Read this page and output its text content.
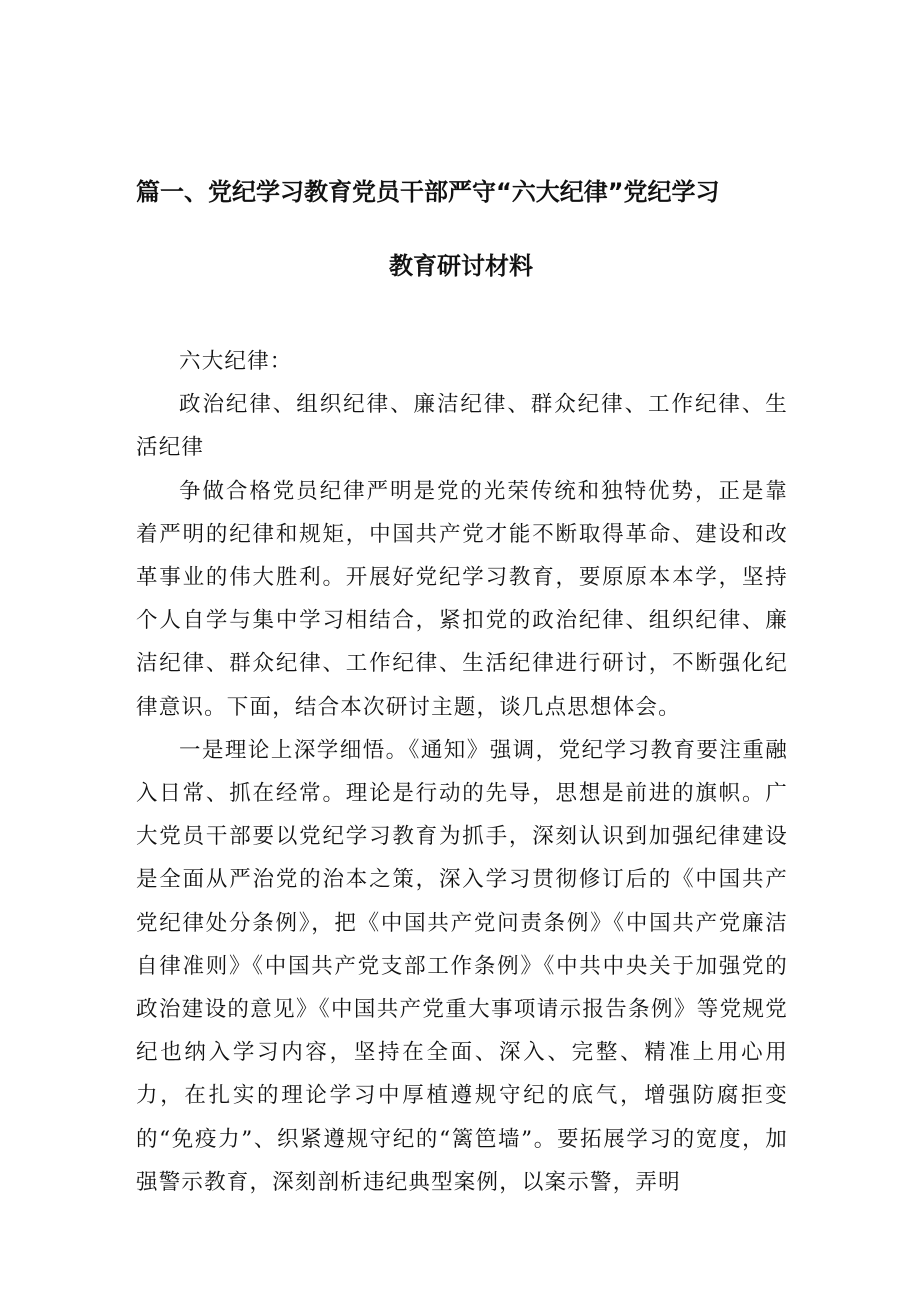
篇一、党纪学习教育党员干部严守“六大纪律”党纪学习
教育研讨材料

六大纪律：

政治纪律、组织纪律、廉洁纪律、群众纪律、工作纪律、生活纪律

争做合格党员纪律严明是党的光荣传统和独特优势，正是靠着严明的纪律和规矩，中国共产党才能不断取得革命、建设和改革事业的伟大胜利。开展好党纪学习教育，要原原本本学，坚持个人自学与集中学习相结合，紧扣党的政治纪律、组织纪律、廉洁纪律、群众纪律、工作纪律、生活纪律进行研讨，不断强化纪律意识。下面，结合本次研讨主题，谈几点思想体会。

一是理论上深学细悟。《通知》强调，党纪学习教育要注重融入日常、抓在经常。理论是行动的先导，思想是前进的旗帜。广大党员干部要以党纪学习教育为抓手，深刻认识到加强纪律建设是全面从严治党的治本之策，深入学习贯彻修订后的《中国共产党纪律处分条例》，把《中国共产党问责条例》《中国共产党廉洁自律准则》《中国共产党支部工作条例》《中共中央关于加强党的政治建设的意见》《中国共产党重大事项请示报告条例》等党规党纪也纳入学习内容，坚持在全面、深入、完整、精准上用心用力，在扎实的理论学习中厚植遵规守纪的底气，增强防腐拒变的“免疫力”、织紧遵规守纪的“篱笆墙”。要拓展学习的宽度，加强警示教育，深刻剖析违纪典型案例，以案示警，弄明
